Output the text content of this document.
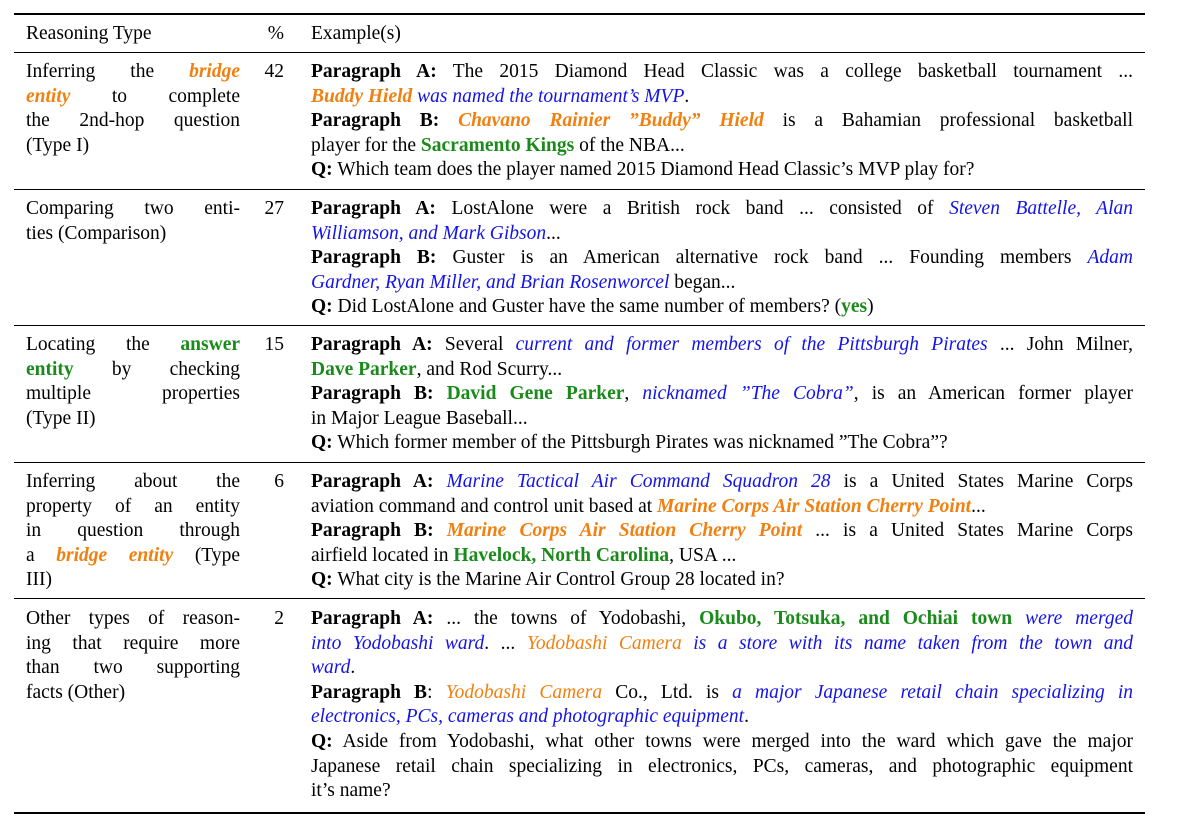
Reasoning Type	%	Example(s)
Inferring the bridge
entity to complete
the 2nd-hop question
(Type I)
42	Paragraph A: The 2015 Diamond Head Classic was a college basketball tournament ...
Buddy Hield was named the tournament’s MVP.
Paragraph B: Chavano Rainier ”Buddy” Hield is a Bahamian professional basketball
player for the Sacramento Kings of the NBA...
Q: Which team does the player named 2015 Diamond Head Classic’s MVP play for?
Comparing two enti-
ties (Comparison)
27	Paragraph A: LostAlone were a British rock band ... consisted of Steven Battelle, Alan
Williamson, and Mark Gibson...
Paragraph B: Guster is an American alternative rock band ... Founding members Adam
Gardner, Ryan Miller, and Brian Rosenworcel began...
Q: Did LostAlone and Guster have the same number of members? (yes)
Locating the answer
entity by checking
multiple properties
(Type II)
15	Paragraph A: Several current and former members of the Pittsburgh Pirates ... John Milner,
Dave Parker, and Rod Scurry...
Paragraph B: David Gene Parker, nicknamed ”The Cobra”, is an American former player
in Major League Baseball...
Q: Which former member of the Pittsburgh Pirates was nicknamed ”The Cobra”?
Inferring about the
property of an entity
in question through
a bridge entity (Type
III)
6	Paragraph A: Marine Tactical Air Command Squadron 28 is a United States Marine Corps
aviation command and control unit based at Marine Corps Air Station Cherry Point...
Paragraph B: Marine Corps Air Station Cherry Point ... is a United States Marine Corps
airfield located in Havelock, North Carolina, USA ...
Q: What city is the Marine Air Control Group 28 located in?
Other types of reason-
ing that require more
than two supporting
facts (Other)
2	Paragraph A: ... the towns of Yodobashi, Okubo, Totsuka, and Ochiai town were merged
into Yodobashi ward. ... Yodobashi Camera is a store with its name taken from the town and
ward.
Paragraph B: Yodobashi Camera Co., Ltd. is a major Japanese retail chain specializing in
electronics, PCs, cameras and photographic equipment.
Q: Aside from Yodobashi, what other towns were merged into the ward which gave the major
Japanese retail chain specializing in electronics, PCs, cameras, and photographic equipment
it’s name?
